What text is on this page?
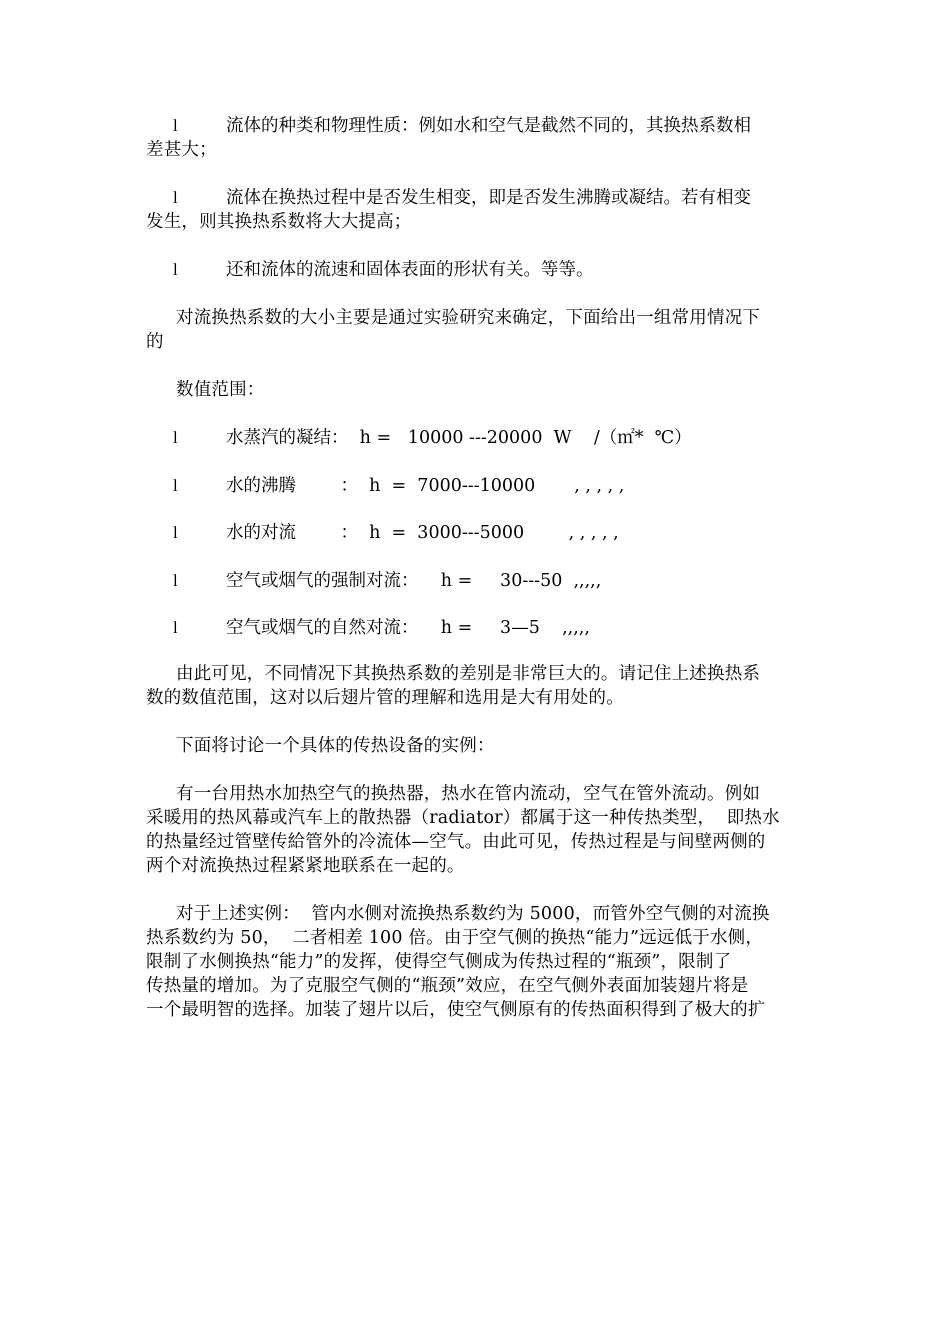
l	流体的种类和物理性质：例如水和空气是截然不同的，其换热系数相
差甚大；
l	流体在换热过程中是否发生相变，即是否发生沸腾或凝结。若有相变
发生，则其换热系数将大大提高；
l	还和流体的流速和固体表面的形状有关。等等。
对流换热系数的大小主要是通过实验研究来确定，下面给出一组常用情况下
的
数值范围：
l	水蒸汽的凝结：  h =   10000 ---20000  W    /（㎡*  ℃）
l	水的沸腾        ：  h  =  7000---10000       , , , , ,
l	水的对流        ：  h  =  3000---5000        , , , , ,
l	空气或烟气的强制对流：    h =     30---50  ,,,,,
l	空气或烟气的自然对流：    h =     3—5    ,,,,,
由此可见，不同情况下其换热系数的差别是非常巨大的。请记住上述换热系
数的数值范围，这对以后翅片管的理解和选用是大有用处的。
下面将讨论一个具体的传热设备的实例：
有一台用热水加热空气的换热器，热水在管内流动，空气在管外流动。例如
采暖用的热风幕或汽车上的散热器（radiator）都属于这一种传热类型，  即热水
的热量经过管壁传給管外的冷流体—空气。由此可见，传热过程是与间壁两侧的
两个对流换热过程紧紧地联系在一起的。
对于上述实例：  管内水侧对流换热系数约为 5000，而管外空气侧的对流换
热系数约为 50，  二者相差 100 倍。由于空气侧的换热“能力”远远低于水侧，
限制了水侧换热“能力”的发挥，使得空气侧成为传热过程的“瓶颈”，限制了
传热量的增加。为了克服空气侧的“瓶颈”效应，在空气侧外表面加装翅片将是
一个最明智的选择。加装了翅片以后，使空气侧原有的传热面积得到了极大的扩
